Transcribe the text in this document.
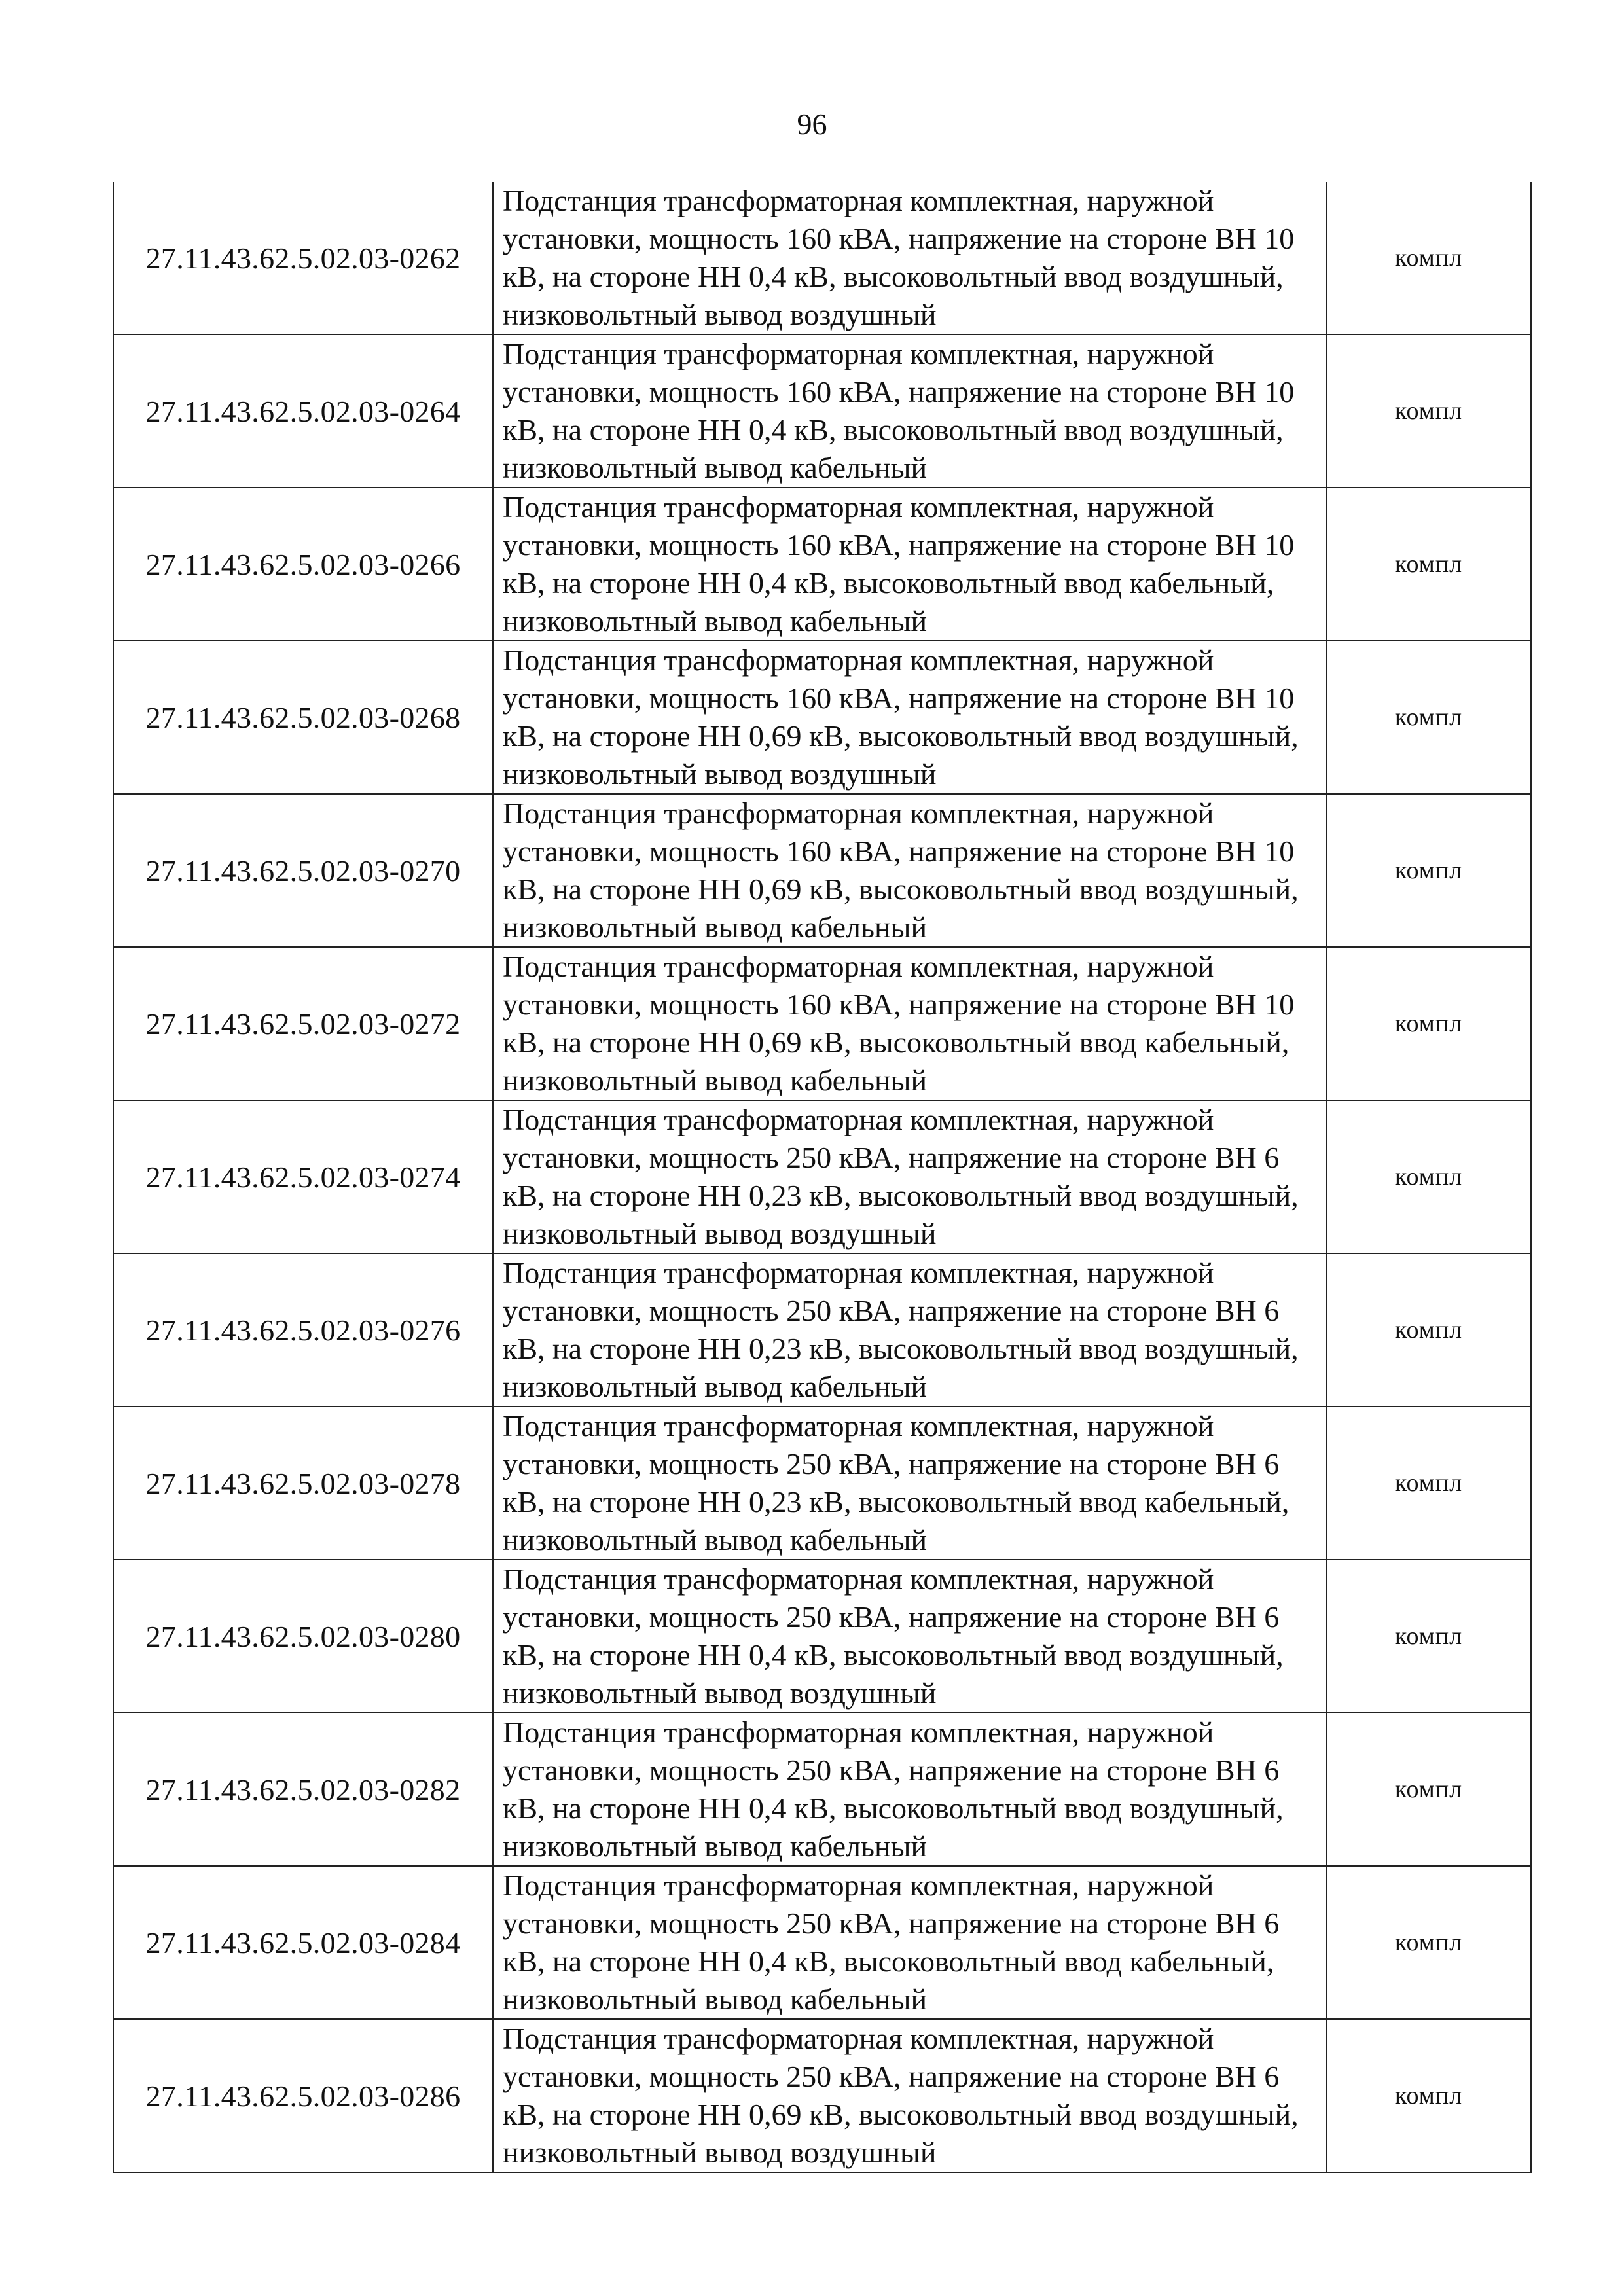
96
27.11.43.62.5.02.03-0262	Подстанция трансформаторная комплектная, наружной установки, мощность 160 кВА, напряжение на стороне ВН 10 кВ, на стороне НН 0,4 кВ, высоковольтный ввод воздушный, низковольтный вывод воздушный	компл
27.11.43.62.5.02.03-0264	Подстанция трансформаторная комплектная, наружной установки, мощность 160 кВА, напряжение на стороне ВН 10 кВ, на стороне НН 0,4 кВ, высоковольтный ввод воздушный, низковольтный вывод кабельный	компл
27.11.43.62.5.02.03-0266	Подстанция трансформаторная комплектная, наружной установки, мощность 160 кВА, напряжение на стороне ВН 10 кВ, на стороне НН 0,4 кВ, высоковольтный ввод кабельный, низковольтный вывод кабельный	компл
27.11.43.62.5.02.03-0268	Подстанция трансформаторная комплектная, наружной установки, мощность 160 кВА, напряжение на стороне ВН 10 кВ, на стороне НН 0,69 кВ, высоковольтный ввод воздушный, низковольтный вывод воздушный	компл
27.11.43.62.5.02.03-0270	Подстанция трансформаторная комплектная, наружной установки, мощность 160 кВА, напряжение на стороне ВН 10 кВ, на стороне НН 0,69 кВ, высоковольтный ввод воздушный, низковольтный вывод кабельный	компл
27.11.43.62.5.02.03-0272	Подстанция трансформаторная комплектная, наружной установки, мощность 160 кВА, напряжение на стороне ВН 10 кВ, на стороне НН 0,69 кВ, высоковольтный ввод кабельный, низковольтный вывод кабельный	компл
27.11.43.62.5.02.03-0274	Подстанция трансформаторная комплектная, наружной установки, мощность 250 кВА, напряжение на стороне ВН 6 кВ, на стороне НН 0,23 кВ, высоковольтный ввод воздушный, низковольтный вывод воздушный	компл
27.11.43.62.5.02.03-0276	Подстанция трансформаторная комплектная, наружной установки, мощность 250 кВА, напряжение на стороне ВН 6 кВ, на стороне НН 0,23 кВ, высоковольтный ввод воздушный, низковольтный вывод кабельный	компл
27.11.43.62.5.02.03-0278	Подстанция трансформаторная комплектная, наружной установки, мощность 250 кВА, напряжение на стороне ВН 6 кВ, на стороне НН 0,23 кВ, высоковольтный ввод кабельный, низковольтный вывод кабельный	компл
27.11.43.62.5.02.03-0280	Подстанция трансформаторная комплектная, наружной установки, мощность 250 кВА, напряжение на стороне ВН 6 кВ, на стороне НН 0,4 кВ, высоковольтный ввод воздушный, низковольтный вывод воздушный	компл
27.11.43.62.5.02.03-0282	Подстанция трансформаторная комплектная, наружной установки, мощность 250 кВА, напряжение на стороне ВН 6 кВ, на стороне НН 0,4 кВ, высоковольтный ввод воздушный, низковольтный вывод кабельный	компл
27.11.43.62.5.02.03-0284	Подстанция трансформаторная комплектная, наружной установки, мощность 250 кВА, напряжение на стороне ВН 6 кВ, на стороне НН 0,4 кВ, высоковольтный ввод кабельный, низковольтный вывод кабельный	компл
27.11.43.62.5.02.03-0286	Подстанция трансформаторная комплектная, наружной установки, мощность 250 кВА, напряжение на стороне ВН 6 кВ, на стороне НН 0,69 кВ, высоковольтный ввод воздушный, низковольтный вывод воздушный	компл
